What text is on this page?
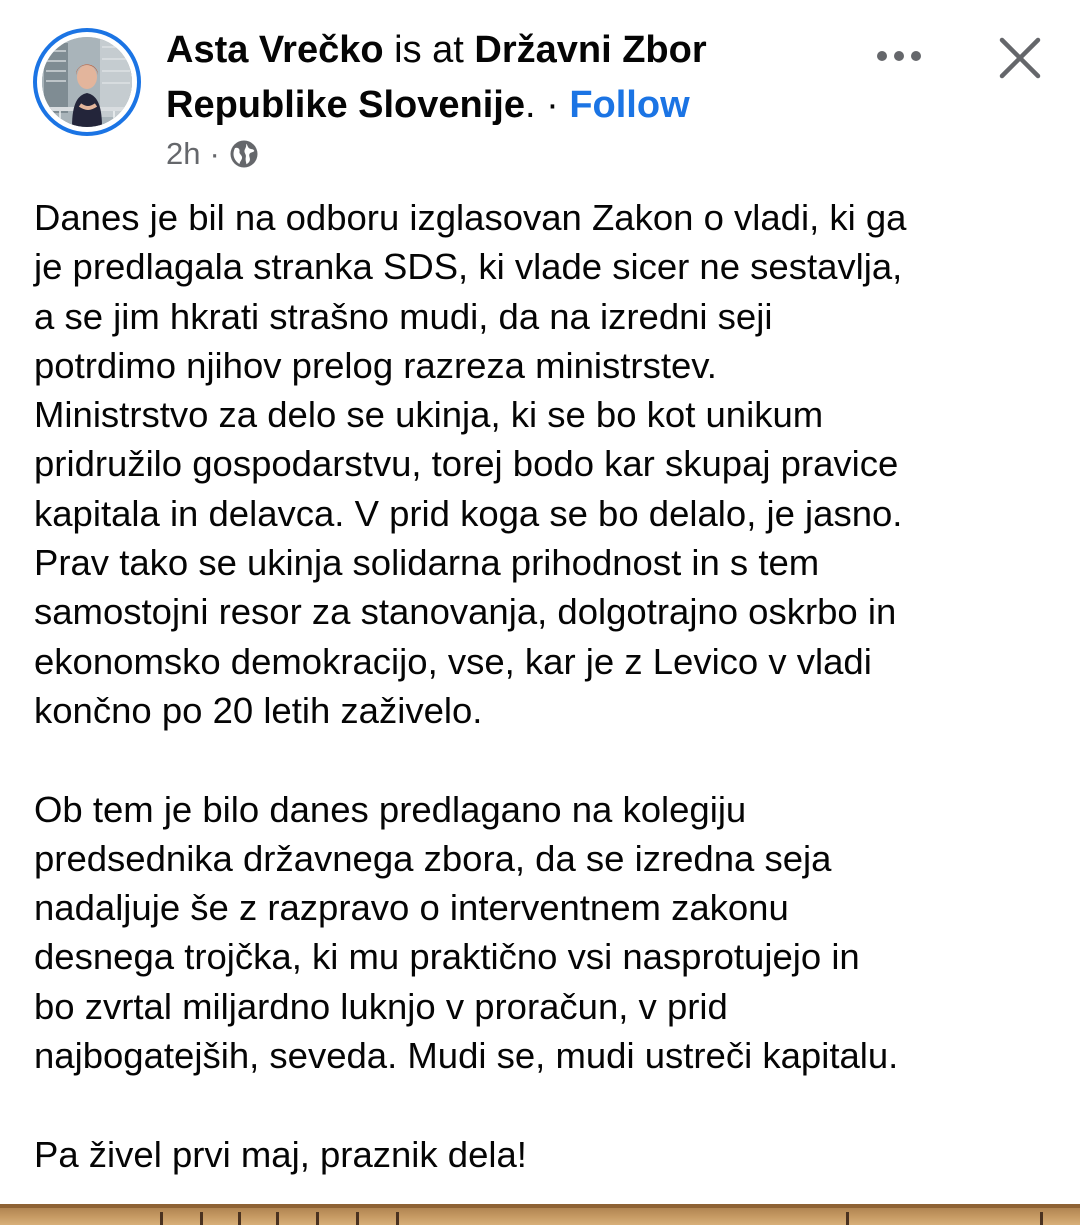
Asta Vrečko is at Državni Zbor
Republike Slovenije. · Follow
2h ·

Danes je bil na odboru izglasovan Zakon o vladi, ki ga
je predlagala stranka SDS, ki vlade sicer ne sestavlja,
a se jim hkrati strašno mudi, da na izredni seji
potrdimo njihov prelog razreza ministrstev.
Ministrstvo za delo se ukinja, ki se bo kot unikum
pridružilo gospodarstvu, torej bodo kar skupaj pravice
kapitala in delavca. V prid koga se bo delalo, je jasno.
Prav tako se ukinja solidarna prihodnost in s tem
samostojni resor za stanovanja, dolgotrajno oskrbo in
ekonomsko demokracijo, vse, kar je z Levico v vladi
končno po 20 letih zaživelo.

Ob tem je bilo danes predlagano na kolegiju
predsednika državnega zbora, da se izredna seja
nadaljuje še z razpravo o interventnem zakonu
desnega trojčka, ki mu praktično vsi nasprotujejo in
bo zvrtal miljardno luknjo v proračun, v prid
najbogatejših, seveda. Mudi se, mudi ustreči kapitalu.

Pa živel prvi maj, praznik dela!
